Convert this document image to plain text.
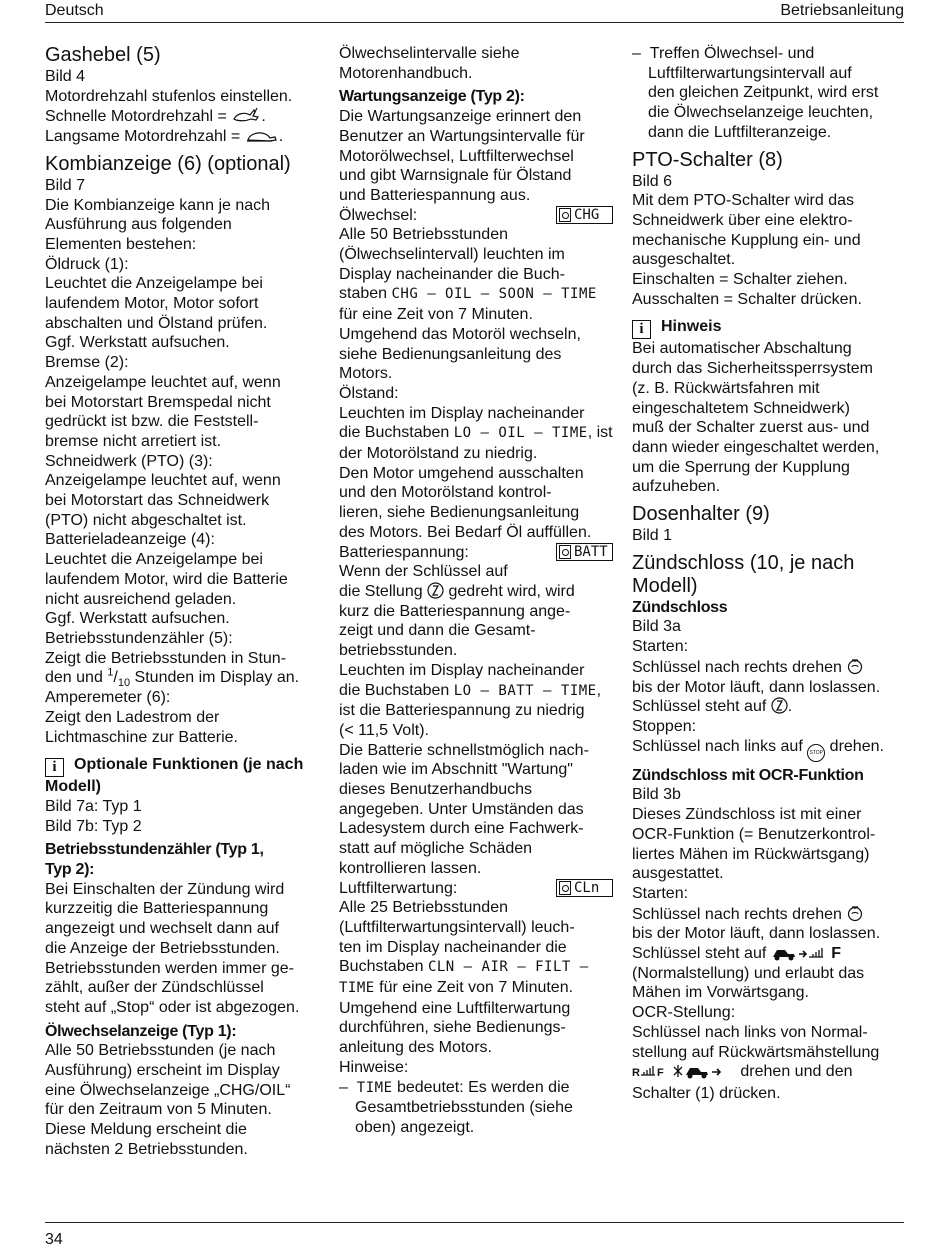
Deutsch	Betriebsanleitung
Gashebel (5)

Bild 4

Motordrehzahl stufenlos einstellen.

Schnelle Motordrehzahl = .

Langsame Motordrehzahl = .

Kombianzeige (6) (optional)

Bild 7

Die Kombianzeige kann je nach

Ausführung aus folgenden

Elementen bestehen:

Öldruck (1):

Leuchtet die Anzeigelampe bei

laufendem Motor, Motor sofort

abschalten und Ölstand prüfen.

Ggf. Werkstatt aufsuchen.

Bremse (2):

Anzeigelampe leuchtet auf, wenn

bei Motorstart Bremspedal nicht

gedrückt ist bzw. die Feststell-

bremse nicht arretiert ist.

Schneidwerk (PTO) (3):

Anzeigelampe leuchtet auf, wenn

bei Motorstart das Schneidwerk

(PTO) nicht abgeschaltet ist.

Batterieladeanzeige (4):

Leuchtet die Anzeigelampe bei

laufendem Motor, wird die Batterie

nicht ausreichend geladen.

Ggf. Werkstatt aufsuchen.

Betriebsstundenzähler (5):

Zeigt die Betriebsstunden in Stun-

den und $^1/_{10}$ Stunden im Display an.

Amperemeter (6):

Zeigt den Ladestrom der

Lichtmaschine zur Batterie.

i Optionale Funktionen (je nach

Modell)

Bild 7a: Typ 1

Bild 7b: Typ 2

Betriebsstundenzähler (Typ 1,
Typ 2):

Bei Einschalten der Zündung wird

kurzzeitig die Batteriespannung

angezeigt und wechselt dann auf

die Anzeige der Betriebsstunden.

Betriebsstunden werden immer ge-

zählt, außer der Zündschlüssel

steht auf „Stop“ oder ist abgezogen.

Ölwechselanzeige (Typ 1):

Alle 50 Betriebsstunden (je nach

Ausführung) erscheint im Display

eine Ölwechselanzeige „CHG/OIL“

für den Zeitraum von 5 Minuten.

Diese Meldung erscheint die

nächsten 2 Betriebsstunden.

Ölwechselintervalle siehe

Motorenhandbuch.

Wartungsanzeige (Typ 2):

Die Wartungsanzeige erinnert den

Benutzer an Wartungsintervalle für

Motorölwechsel, Luftfilterwechsel

und gibt Warnsignale für Ölstand

und Batteriespannung aus.

CHG
Ölwechsel:

Alle 50 Betriebsstunden

(Ölwechselintervall) leuchten im

Display nacheinander die Buch-

staben CHG – OIL – SOON – TIME

für eine Zeit von 7 Minuten.

Umgehend das Motoröl wechseln,

siehe Bedienungsanleitung des

Motors.

Ölstand:

Leuchten im Display nacheinander

die Buchstaben LO – OIL – TIME, ist

der Motorölstand zu niedrig.

Den Motor umgehend ausschalten

und den Motorölstand kontrol-

lieren, siehe Bedienungsanleitung

des Motors. Bei Bedarf Öl auffüllen.

BATT
Batteriespannung:

Wenn der Schlüssel auf

die Stellung  gedreht wird, wird

kurz die Batteriespannung ange-

zeigt und dann die Gesamt-

betriebsstunden.

Leuchten im Display nacheinander

die Buchstaben LO – BATT – TIME,

ist die Batteriespannung zu niedrig

(< 11,5 Volt).

Die Batterie schnellstmöglich nach-

laden wie im Abschnitt "Wartung"

dieses Benutzerhandbuchs

angegeben. Unter Umständen das

Ladesystem durch eine Fachwerk-

statt auf mögliche Schäden

kontrollieren lassen.

CLn
Luftfilterwartung:

Alle 25 Betriebsstunden

(Luftfilterwartungsintervall) leuch-

ten im Display nacheinander die

Buchstaben CLN – AIR – FILT –

TIME für eine Zeit von 7 Minuten.

Umgehend eine Luftfilterwartung

durchführen, siehe Bedienungs-

anleitung des Motors.

Hinweise:

– TIME bedeutet: Es werden die

Gesamtbetriebsstunden (siehe

oben) angezeigt.

– Treffen Ölwechsel- und

Luftfilterwartungsintervall auf

den gleichen Zeitpunkt, wird erst

die Ölwechselanzeige leuchten,

dann die Luftfilteranzeige.

PTO-Schalter (8)

Bild 6

Mit dem PTO-Schalter wird das

Schneidwerk über eine elektro-

mechanische Kupplung ein- und

ausgeschaltet.

Einschalten = Schalter ziehen.

Ausschalten = Schalter drücken.

i Hinweis

Bei automatischer Abschaltung

durch das Sicherheitssperrsystem

(z. B. Rückwärtsfahren mit

eingeschaltetem Schneidwerk)

muß der Schalter zuerst aus- und

dann wieder eingeschaltet werden,

um die Sperrung der Kupplung

aufzuheben.

Dosenhalter (9)

Bild 1

Zündschloss (10, je nach
Modell)
Zündschloss

Bild 3a

Starten:

Schlüssel nach rechts drehen

bis der Motor läuft, dann loslassen.

Schlüssel steht auf .

Stoppen:

Schlüssel nach links auf STOP drehen.

Zündschloss mit OCR-Funktion

Bild 3b

Dieses Zündschloss ist mit einer

OCR-Funktion (= Benutzerkontrol-

liertes Mähen im Rückwärtsgang)

ausgestattet.

Starten:

Schlüssel nach rechts drehen

bis der Motor läuft, dann loslassen.

Schlüssel steht auf	F

(Normalstellung) und erlaubt das

Mähen im Vorwärtsgang.

OCR-Stellung:

Schlüssel nach links von Normal-

stellung auf Rückwärtsmähstellung

R F	drehen und den

Schalter (1) drücken.

34
